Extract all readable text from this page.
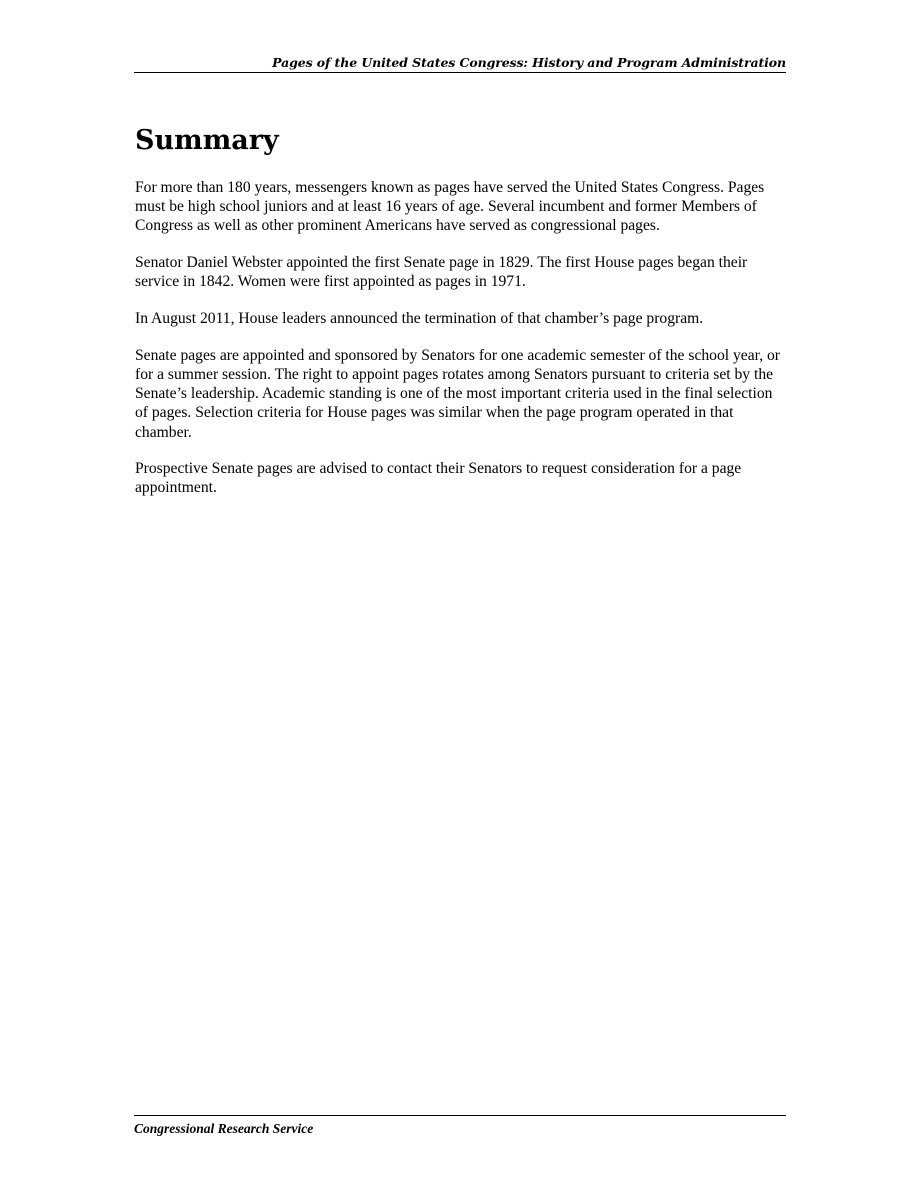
Pages of the United States Congress: History and Program Administration
Summary

For more than 180 years, messengers known as pages have served the United States Congress. Pages must be high school juniors and at least 16 years of age. Several incumbent and former Members of Congress as well as other prominent Americans have served as congressional pages.

Senator Daniel Webster appointed the first Senate page in 1829. The first House pages began their service in 1842. Women were first appointed as pages in 1971.

In August 2011, House leaders announced the termination of that chamber’s page program.

Senate pages are appointed and sponsored by Senators for one academic semester of the school year, or for a summer session. The right to appoint pages rotates among Senators pursuant to criteria set by the Senate’s leadership. Academic standing is one of the most important criteria used in the final selection of pages. Selection criteria for House pages was similar when the page program operated in that chamber.

Prospective Senate pages are advised to contact their Senators to request consideration for a page appointment.

Congressional Research Service
